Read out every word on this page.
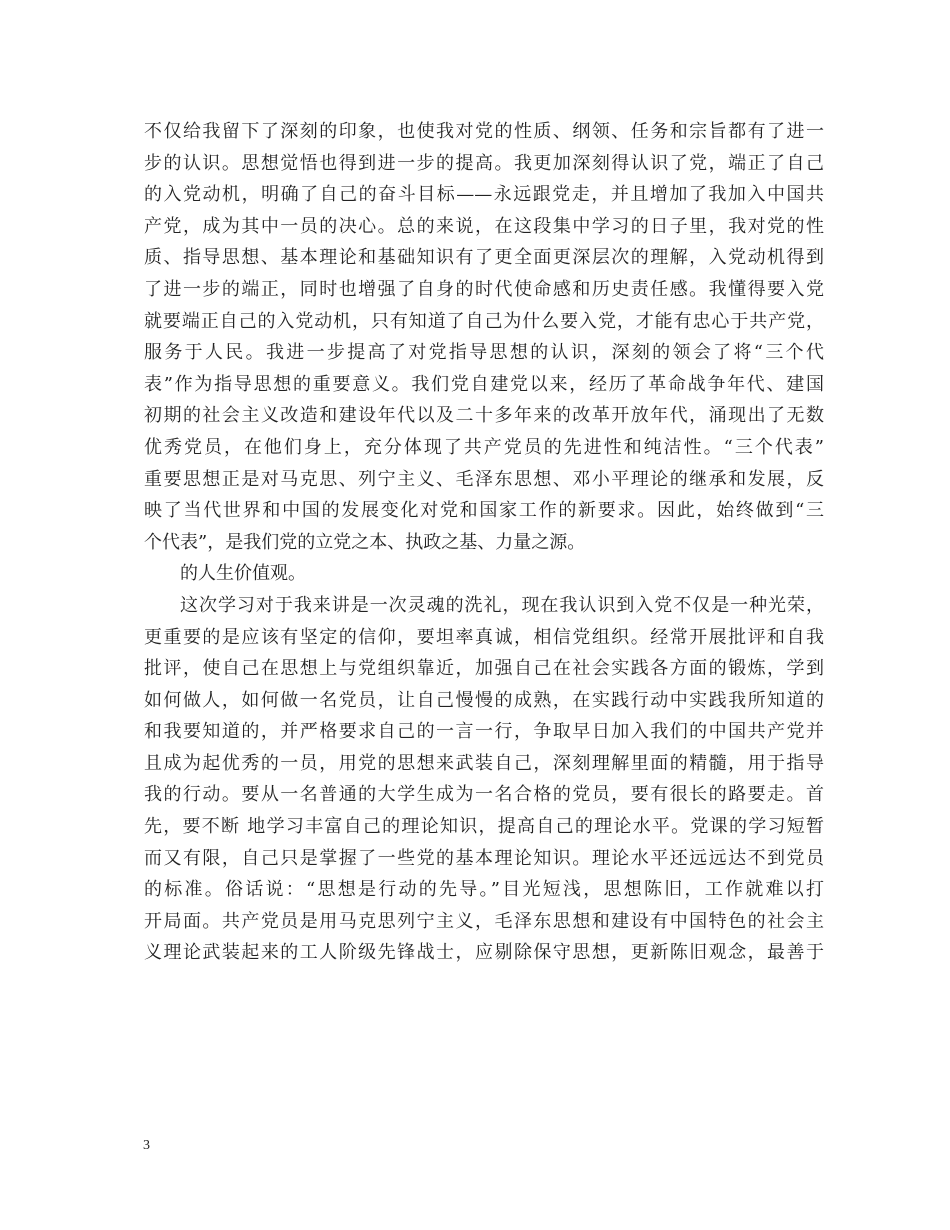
不仅给我留下了深刻的印象，也使我对党的性质、纲领、任务和宗旨都有了进一
步的认识。思想觉悟也得到进一步的提高。我更加深刻得认识了党，端正了自己
的入党动机，明确了自己的奋斗目标——永远跟党走，并且增加了我加入中国共
产党，成为其中一员的决心。总的来说，在这段集中学习的日子里，我对党的性
质、指导思想、基本理论和基础知识有了更全面更深层次的理解，入党动机得到
了进一步的端正，同时也增强了自身的时代使命感和历史责任感。我懂得要入党
就要端正自己的入党动机，只有知道了自己为什么要入党，才能有忠心于共产党，
服务于人民。我进一步提高了对党指导思想的认识，深刻的领会了将“三个代
表”作为指导思想的重要意义。我们党自建党以来，经历了革命战争年代、建国
初期的社会主义改造和建设年代以及二十多年来的改革开放年代，涌现出了无数
优秀党员，在他们身上，充分体现了共产党员的先进性和纯洁性。“三个代表”
重要思想正是对马克思、列宁主义、毛泽东思想、邓小平理论的继承和发展，反
映了当代世界和中国的发展变化对党和国家工作的新要求。因此，始终做到“三
个代表”，是我们党的立党之本、执政之基、力量之源。
的人生价值观。
这次学习对于我来讲是一次灵魂的洗礼，现在我认识到入党不仅是一种光荣，
更重要的是应该有坚定的信仰，要坦率真诚，相信党组织。经常开展批评和自我
批评，使自己在思想上与党组织靠近，加强自己在社会实践各方面的锻炼，学到
如何做人，如何做一名党员，让自己慢慢的成熟，在实践行动中实践我所知道的
和我要知道的，并严格要求自己的一言一行，争取早日加入我们的中国共产党并
且成为起优秀的一员，用党的思想来武装自己，深刻理解里面的精髓，用于指导
我的行动。要从一名普通的大学生成为一名合格的党员，要有很长的路要走。首
先，要不断 地学习丰富自己的理论知识，提高自己的理论水平。党课的学习短暂
而又有限，自己只是掌握了一些党的基本理论知识。理论水平还远远达不到党员
的标准。俗话说：“思想是行动的先导。”目光短浅，思想陈旧，工作就难以打
开局面。共产党员是用马克思列宁主义，毛泽东思想和建设有中国特色的社会主
义理论武装起来的工人阶级先锋战士，应剔除保守思想，更新陈旧观念，最善于
3
